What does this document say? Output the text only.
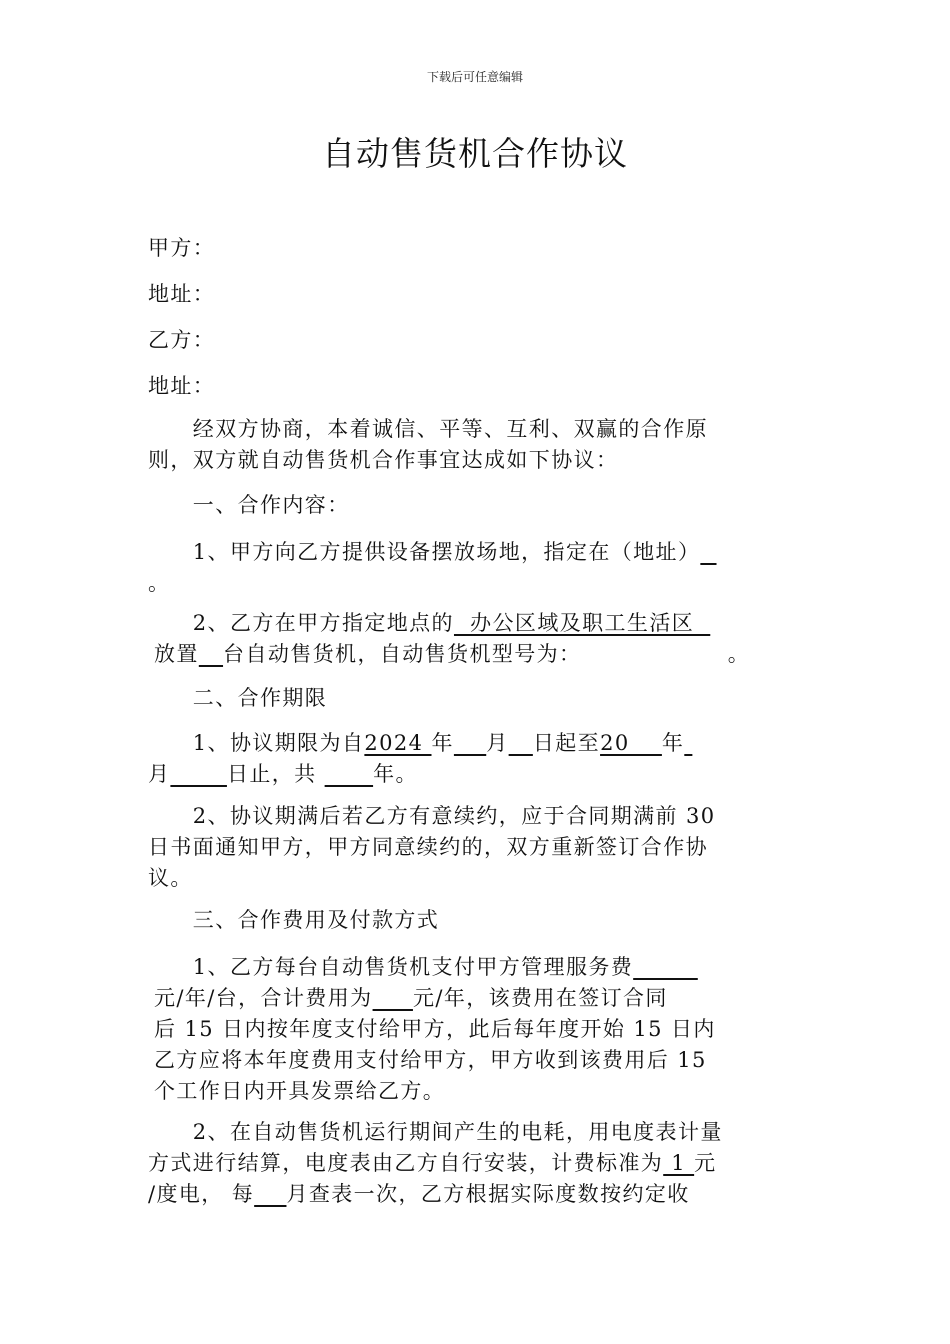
下载后可任意编辑
自动售货机合作协议
甲方：
地址：
乙方：
地址：
　　经双方协商，本着诚信、平等、互利、双赢的合作原
则，双方就自动售货机合作事宜达成如下协议：
　　一、合作内容：
　　1、甲方向乙方提供设备摆放场地，指定在（地址）
。
　　2、乙方在甲方指定地点的  办公区域及职工生活区
放置 台自动售货机，自动售货机型号为：　　　　　　　。
　　二、合作期限
　　1、协议期限为自2024 年 月 日起至20    年
月	日止，共       年。
　　2、协议期满后若乙方有意续约，应于合同期满前 30
日书面通知甲方，甲方同意续约的，双方重新签订合作协
议。
　　三、合作费用及付款方式
　　1、乙方每台自动售货机支付甲方管理服务费
元/年/台，合计费用为 元/年，该费用在签订合同
后 15 日内按年度支付给甲方，此后每年度开始 15 日内
乙方应将本年度费用支付给甲方，甲方收到该费用后 15
个工作日内开具发票给乙方。
　　2、在自动售货机运行期间产生的电耗，用电度表计量
方式进行结算，电度表由乙方自行安装，计费标准为 1 元
/度电， 每 月查表一次，乙方根据实际度数按约定收
